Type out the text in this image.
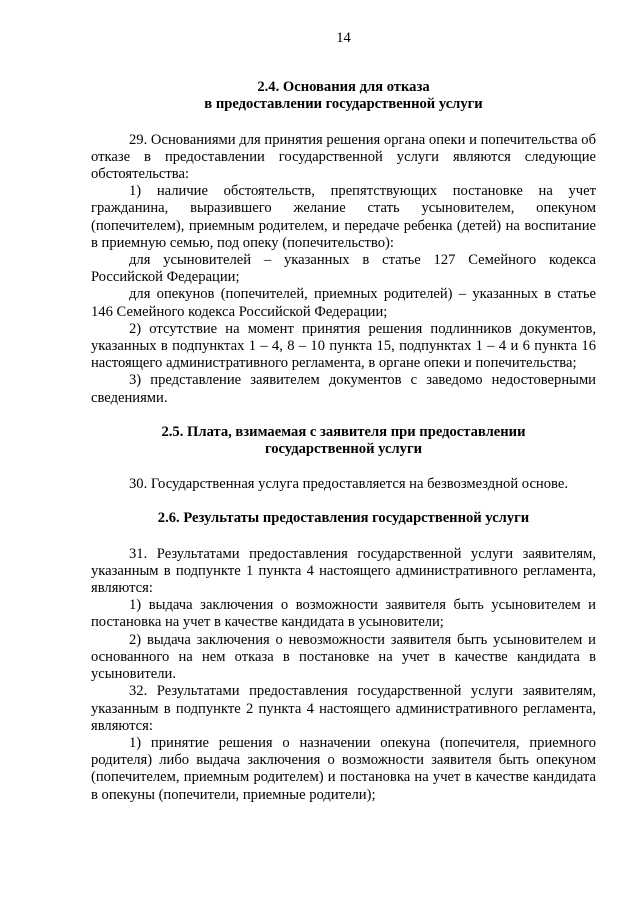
14
2.4. Основания для отказа
в предоставлении государственной услуги

29. Основаниями для принятия решения органа опеки и попечительства об отказе в предоставлении государственной услуги являются следующие обстоятельства:

1) наличие обстоятельств, препятствующих постановке на учет гражданина, выразившего желание стать усыновителем, опекуном (попечителем), приемным родителем, и передаче ребенка (детей) на воспитание в приемную семью, под опеку (попечительство):

для усыновителей – указанных в статье 127 Семейного кодекса Российской Федерации;

для опекунов (попечителей, приемных родителей) – указанных в статье 146 Семейного кодекса Российской Федерации;

2) отсутствие на момент принятия решения подлинников документов, указанных в подпунктах 1 – 4, 8 – 10 пункта 15, подпунктах 1 – 4 и 6 пункта 16 настоящего административного регламента, в органе опеки и попечительства;

3) представление заявителем документов с заведомо недостоверными сведениями.

2.5. Плата, взимаемая с заявителя при предоставлении
государственной услуги

30. Государственная услуга предоставляется на безвозмездной основе.

2.6. Результаты предоставления государственной услуги

31. Результатами предоставления государственной услуги заявителям, указанным в подпункте 1 пункта 4 настоящего административного регламента, являются:

1) выдача заключения о возможности заявителя быть усыновителем и постановка на учет в качестве кандидата в усыновители;

2) выдача заключения о невозможности заявителя быть усыновителем и основанного на нем отказа в постановке на учет в качестве кандидата в усыновители.

32. Результатами предоставления государственной услуги заявителям, указанным в подпункте 2 пункта 4 настоящего административного регламента, являются:

1) принятие решения о назначении опекуна (попечителя, приемного родителя) либо выдача заключения о возможности заявителя быть опекуном (попечителем, приемным родителем) и постановка на учет в качестве кандидата в опекуны (попечители, приемные родители);
